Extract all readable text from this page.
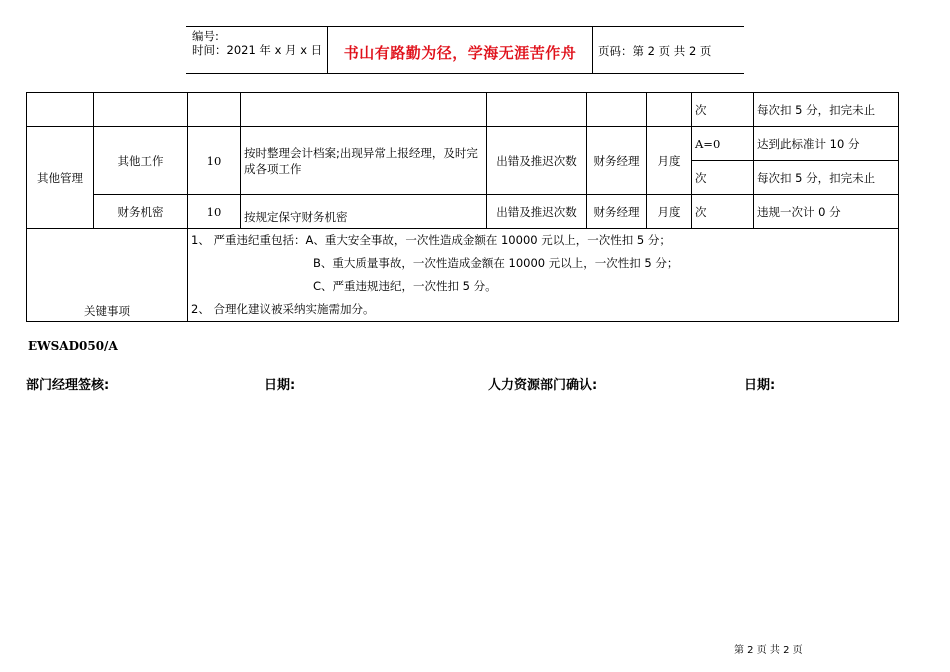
编号:
时间：2021 年 x 月 x 日	书山有路勤为径，学海无涯苦作舟	页码：第 2 页 共 2 页
							次	每次扣 5 分，扣完未止
其他管理	其他工作	10	按时整理会计档案;出现异常上报经理，及时完成各项工作	出错及推迟次数	财务经理	月度	A=0	达到此标准计 10 分
							次	每次扣 5 分，扣完未止
	财务机密	10	按规定保守财务机密	出错及推迟次数	财务经理	月度	次	违规一次计 0 分
关键事项		1、 严重违纪重包括：A、重大安全事故，一次性造成金额在 10000 元以上，一次性扣 5 分；
B、重大质量事故，一次性造成金额在 10000 元以上，一次性扣 5 分；
C、严重违规违纪，一次性扣 5 分。
2、 合理化建议被采纳实施需加分。						
EWSAD050/A
部门经理签核:	日期:	人力资源部门确认:	日期:
第 2 页 共 2 页
